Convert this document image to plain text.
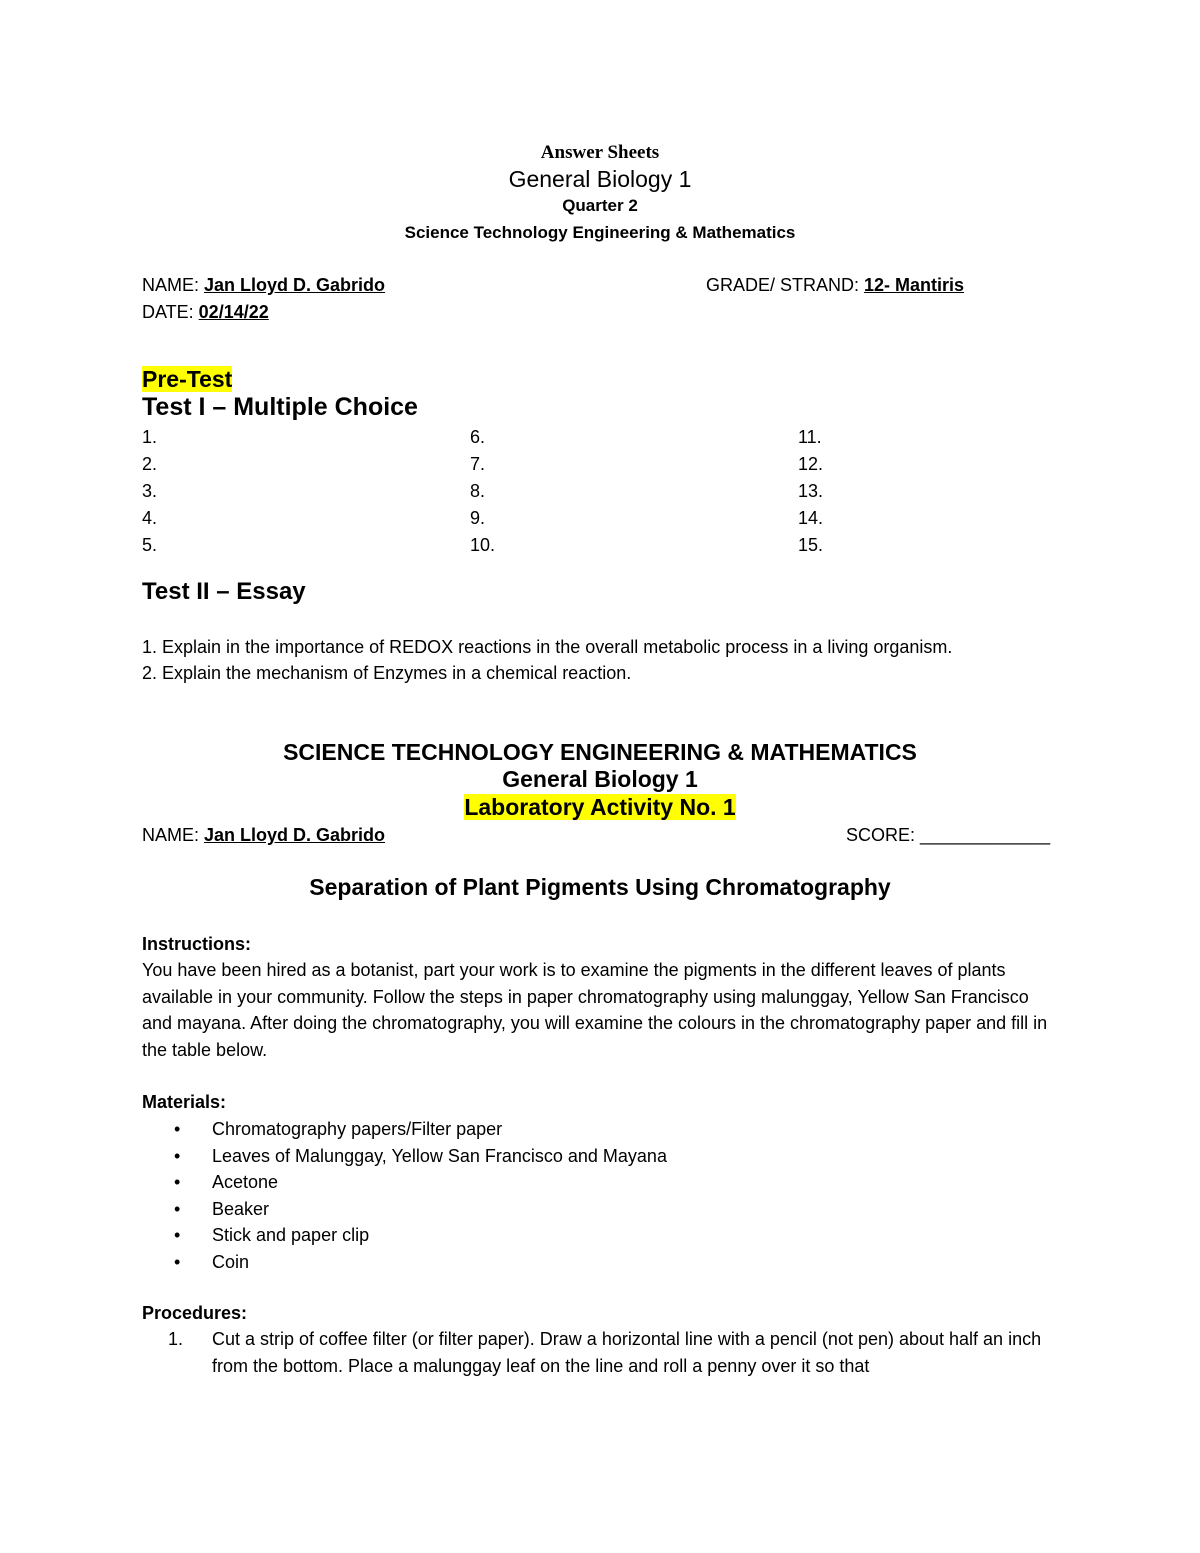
Answer Sheets
General Biology 1
Quarter 2
Science Technology Engineering & Mathematics
NAME: Jan Lloyd D. Gabrido	GRADE/ STRAND: 12- Mantiris
DATE: 02/14/22
Pre-Test
Test I – Multiple Choice
1.
2.
3.
4.
5.
6.
7.
8.
9.
10.
11.
12.
13.
14.
15.
Test II – Essay
1. Explain in the importance of REDOX reactions in the overall metabolic process in a living organism.
2. Explain the mechanism of Enzymes in a chemical reaction.
SCIENCE TECHNOLOGY ENGINEERING & MATHEMATICS
General Biology 1
Laboratory Activity No. 1
NAME: Jan Lloyd D. Gabrido	SCORE: _____________
Separation of Plant Pigments Using Chromatography
Instructions:
You have been hired as a botanist, part your work is to examine the pigments in the different leaves of plants available in your community. Follow the steps in paper chromatography using malunggay, Yellow San Francisco and mayana. After doing the chromatography, you will examine the colours in the chromatography paper and fill in the table below.
Materials:
• Chromatography papers/Filter paper
• Leaves of Malunggay, Yellow San Francisco and Mayana
• Acetone
• Beaker
• Stick and paper clip
• Coin
Procedures:
1. Cut a strip of coffee filter (or filter paper). Draw a horizontal line with a pencil (not pen) about half an inch from the bottom. Place a malunggay leaf on the line and roll a penny over it so that
